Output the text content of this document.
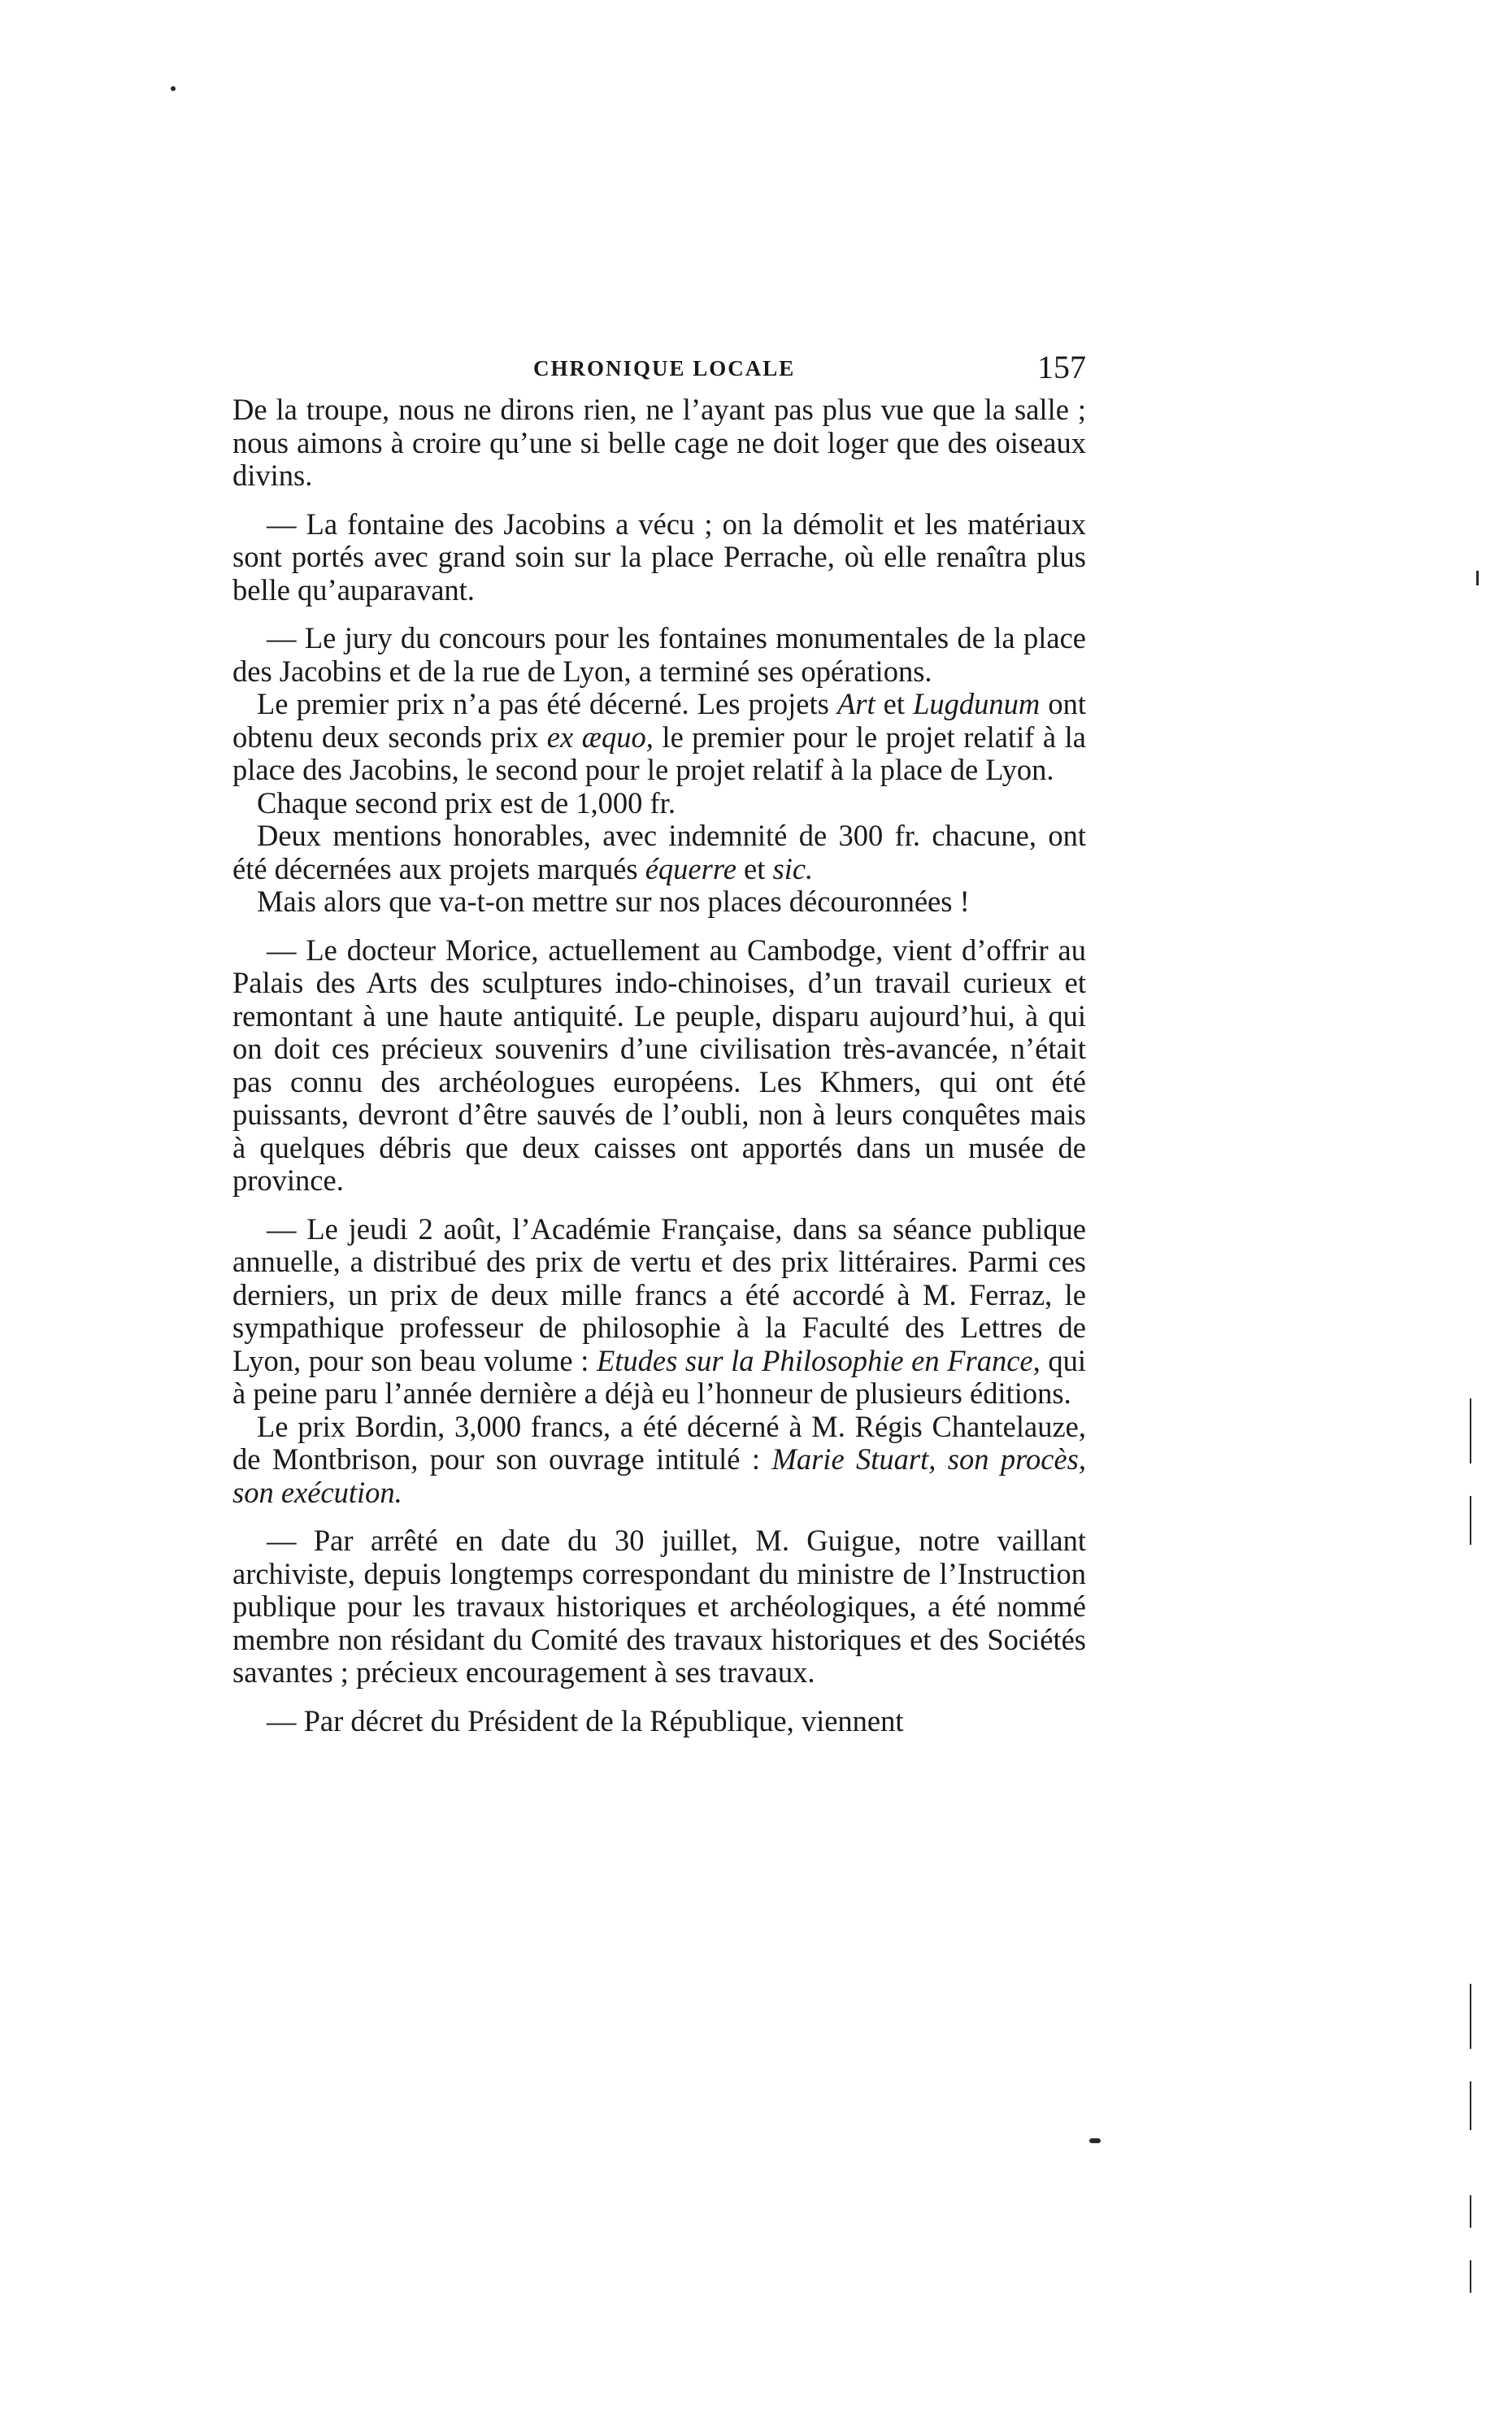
CHRONIQUE LOCALE	157

De la troupe, nous ne dirons rien, ne l’ayant pas plus vue que la salle ; nous aimons à croire qu’une si belle cage ne doit loger que des oiseaux divins.

— La fontaine des Jacobins a vécu ; on la démolit et les matériaux sont portés avec grand soin sur la place Perrache, où elle renaîtra plus belle qu’auparavant.

— Le jury du concours pour les fontaines monumentales de la place des Jacobins et de la rue de Lyon, a terminé ses opérations.

Le premier prix n’a pas été décerné. Les projets Art et Lugdunum ont obtenu deux seconds prix ex æquo, le premier pour le projet relatif à la place des Jacobins, le second pour le projet relatif à la place de Lyon.

Chaque second prix est de 1,000 fr.

Deux mentions honorables, avec indemnité de 300 fr. chacune, ont été décernées aux projets marqués équerre et sic.

Mais alors que va-t-on mettre sur nos places découronnées !

— Le docteur Morice, actuellement au Cambodge, vient d’offrir au Palais des Arts des sculptures indo-chinoises, d’un travail curieux et remontant à une haute antiquité. Le peuple, disparu aujourd’hui, à qui on doit ces précieux souvenirs d’une civilisation très-avancée, n’était pas connu des archéologues européens. Les Khmers, qui ont été puissants, devront d’être sauvés de l’oubli, non à leurs conquêtes mais à quelques débris que deux caisses ont apportés dans un musée de province.

— Le jeudi 2 août, l’Académie Française, dans sa séance publique annuelle, a distribué des prix de vertu et des prix littéraires. Parmi ces derniers, un prix de deux mille francs a été accordé à M. Ferraz, le sympathique professeur de philosophie à la Faculté des Lettres de Lyon, pour son beau volume : Etudes sur la Philosophie en France, qui à peine paru l’année dernière a déjà eu l’honneur de plusieurs éditions.

Le prix Bordin, 3,000 francs, a été décerné à M. Régis Chantelauze, de Montbrison, pour son ouvrage intitulé : Marie Stuart, son procès, son exécution.

— Par arrêté en date du 30 juillet, M. Guigue, notre vaillant archiviste, depuis longtemps correspondant du ministre de l’Instruction publique pour les travaux historiques et archéologiques, a été nommé membre non résidant du Comité des travaux historiques et des Sociétés savantes ; précieux encouragement à ses travaux.

— Par décret du Président de la République, viennent
